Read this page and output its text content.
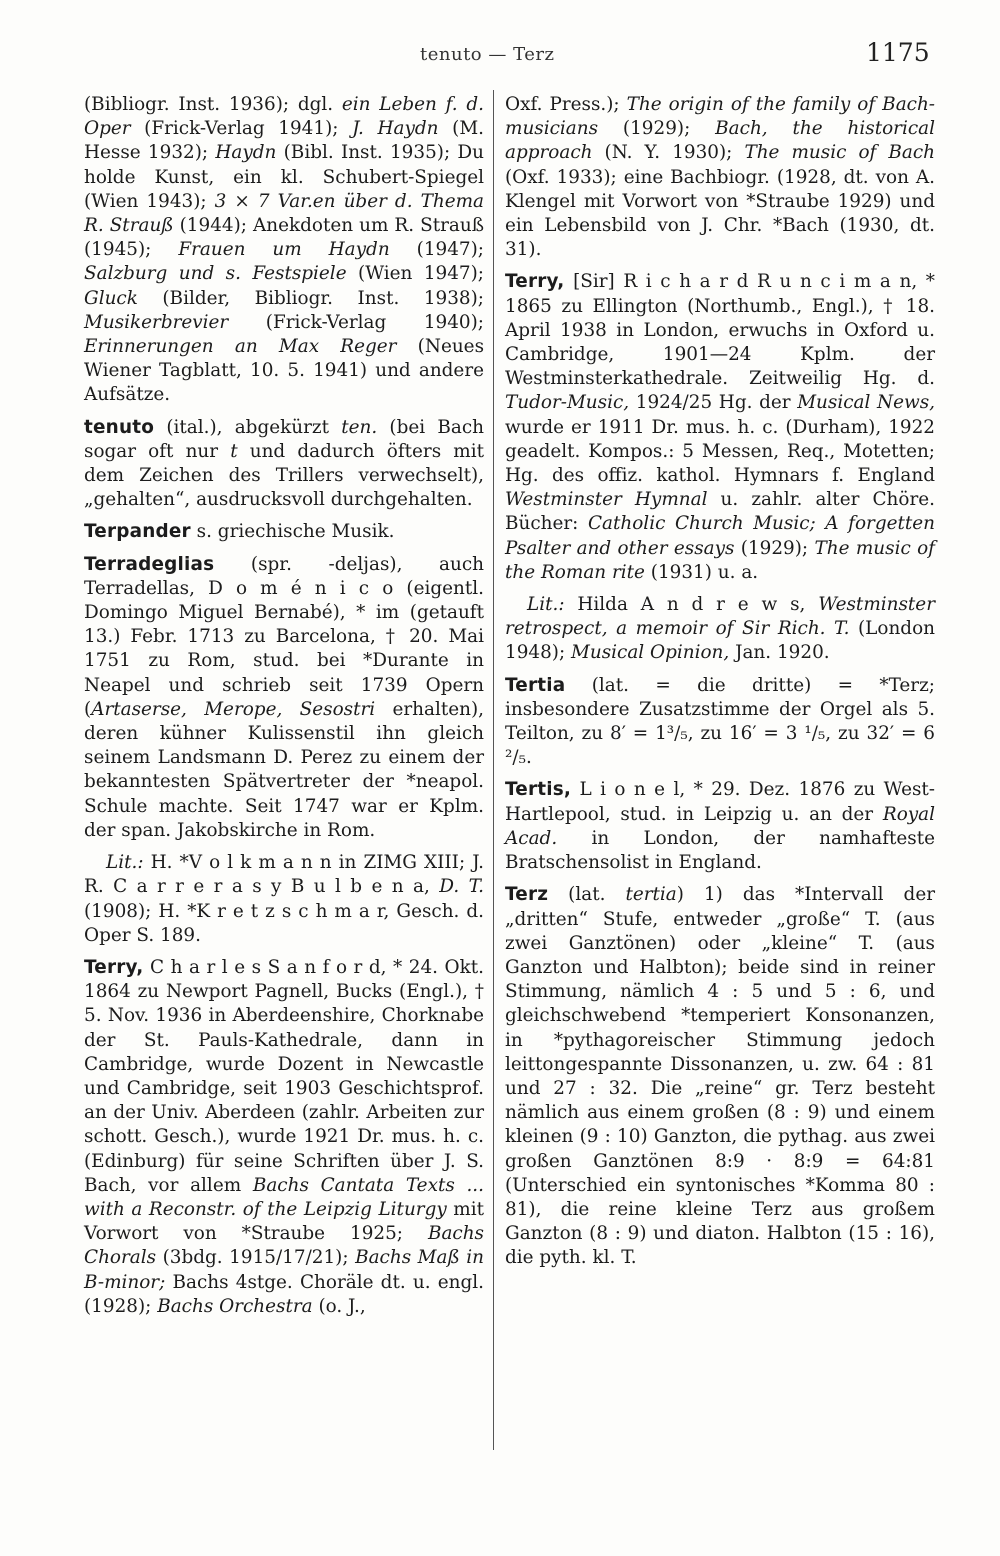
tenuto — Terz	1175

(Bibliogr. Inst. 1936); dgl. ein Leben f. d. Oper (Frick-Verlag 1941); J. Haydn (M. Hesse 1932); Haydn (Bibl. Inst. 1935); Du holde Kunst, ein kl. Schubert-Spiegel (Wien 1943); 3 × 7 Var.en über d. Thema R. Strauß (1944); Anekdoten um R. Strauß (1945); Frauen um Haydn (1947); Salzburg und s. Festspiele (Wien 1947); Gluck (Bilder, Bibliogr. Inst. 1938); Musikerbrevier (Frick-Verlag 1940); Erinnerungen an Max Reger (Neues Wiener Tagblatt, 10. 5. 1941) und andere Aufsätze.

tenuto (ital.), abgekürzt ten. (bei Bach sogar oft nur t und dadurch öfters mit dem Zeichen des Trillers verwechselt), „gehalten“, ausdrucksvoll durchgehalten.

Terpander s. griechische Musik.

Terradeglias (spr. -deljas), auch Terradellas, D o m é n i c o (eigentl. Domingo Miguel Bernabé), * im (getauft 13.) Febr. 1713 zu Barcelona, † 20. Mai 1751 zu Rom, stud. bei *Durante in Neapel und schrieb seit 1739 Opern (Artaserse, Merope, Sesostri erhalten), deren kühner Kulissenstil ihn gleich seinem Landsmann D. Perez zu einem der bekanntesten Spätvertreter der *neapol. Schule machte. Seit 1747 war er Kplm. der span. Jakobskirche in Rom.

Lit.: H. *V o l k m a n n in ZIMG XIII; J. R. C a r r e r a s y B u l b e n a, D. T. (1908); H. *K r e t z s c h m a r, Gesch. d. Oper S. 189.

Terry, C h a r l e s S a n f o r d, * 24. Okt. 1864 zu Newport Pagnell, Bucks (Engl.), † 5. Nov. 1936 in Aberdeenshire, Chorknabe der St. Pauls-Kathedrale, dann in Cambridge, wurde Dozent in Newcastle und Cambridge, seit 1903 Geschichtsprof. an der Univ. Aberdeen (zahlr. Arbeiten zur schott. Gesch.), wurde 1921 Dr. mus. h. c. (Edinburg) für seine Schriften über J. S. Bach, vor allem Bachs Cantata Texts ... with a Reconstr. of the Leipzig Liturgy mit Vorwort von *Straube 1925; Bachs Chorals (3bdg. 1915/17/21); Bachs Maß in B-minor; Bachs 4stge. Choräle dt. u. engl. (1928); Bachs Orchestra (o. J.,

Oxf. Press.); The origin of the family of Bach-musicians (1929); Bach, the historical approach (N. Y. 1930); The music of Bach (Oxf. 1933); eine Bachbiogr. (1928, dt. von A. Klengel mit Vorwort von *Straube 1929) und ein Lebensbild von J. Chr. *Bach (1930, dt. 31).

Terry, [Sir] R i c h a r d R u n c i m a n, * 1865 zu Ellington (Northumb., Engl.), † 18. April 1938 in London, erwuchs in Oxford u. Cambridge, 1901—24 Kplm. der Westminsterkathedrale. Zeitweilig Hg. d. Tudor-Music, 1924/25 Hg. der Musical News, wurde er 1911 Dr. mus. h. c. (Durham), 1922 geadelt. Kompos.: 5 Messen, Req., Motetten; Hg. des offiz. kathol. Hymnars f. England Westminster Hymnal u. zahlr. alter Chöre. Bücher: Catholic Church Music; A forgetten Psalter and other essays (1929); The music of the Roman rite (1931) u. a.

Lit.: Hilda A n d r e w s, Westminster retrospect, a memoir of Sir Rich. T. (London 1948); Musical Opinion, Jan. 1920.

Tertia (lat. = die dritte) = *Terz; insbesondere Zusatzstimme der Orgel als 5. Teilton, zu 8′ = 1³/₅, zu 16′ = 3 ¹/₅, zu 32′ = 6 ²/₅.

Tertis, L i o n e l, * 29. Dez. 1876 zu West-Hartlepool, stud. in Leipzig u. an der Royal Acad. in London, der namhafteste Bratschensolist in England.

Terz (lat. tertia) 1) das *Intervall der „dritten“ Stufe, entweder „große“ T. (aus zwei Ganztönen) oder „kleine“ T. (aus Ganzton und Halbton); beide sind in reiner Stimmung, nämlich 4 : 5 und 5 : 6, und gleichschwebend *temperiert Konsonanzen, in *pythagoreischer Stimmung jedoch leittongespannte Dissonanzen, u. zw. 64 : 81 und 27 : 32. Die „reine“ gr. Terz besteht nämlich aus einem großen (8 : 9) und einem kleinen (9 : 10) Ganzton, die pythag. aus zwei großen Ganztönen 8:9 · 8:9 = 64:81 (Unterschied ein syntonisches *Komma 80 : 81), die reine kleine Terz aus großem Ganzton (8 : 9) und diaton. Halbton (15 : 16), die pyth. kl. T.
